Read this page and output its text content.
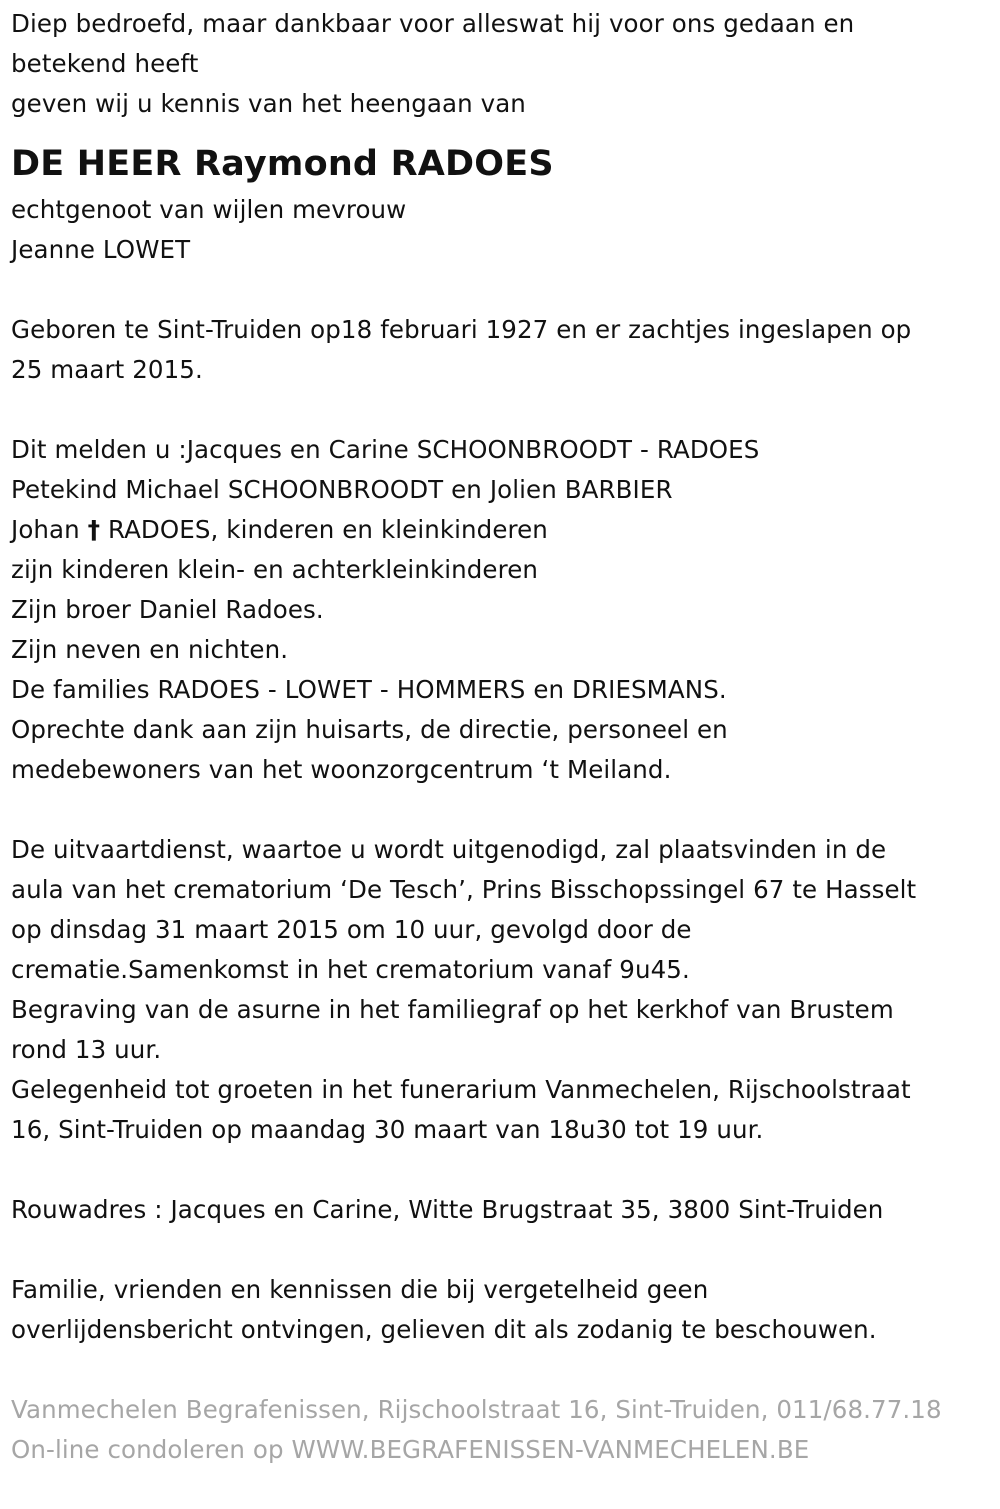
Diep bedroefd, maar dankbaar voor alleswat hij voor ons gedaan en
betekend heeft
geven wij u kennis van het heengaan van
DE HEER Raymond RADOES
echtgenoot van wijlen mevrouw
Jeanne LOWET
Geboren te Sint-Truiden op18 februari 1927 en er zachtjes ingeslapen op
25 maart 2015.
Dit melden u :Jacques en Carine SCHOONBROODT - RADOES
Petekind Michael SCHOONBROODT en Jolien BARBIER
Johan † RADOES, kinderen en kleinkinderen
zijn kinderen klein- en achterkleinkinderen
Zijn broer Daniel Radoes.
Zijn neven en nichten.
De families RADOES - LOWET - HOMMERS en DRIESMANS.
Oprechte dank aan zijn huisarts, de directie, personeel en
medebewoners van het woonzorgcentrum ‘t Meiland.
De uitvaartdienst, waartoe u wordt uitgenodigd, zal plaatsvinden in de
aula van het crematorium ‘De Tesch’, Prins Bisschopssingel 67 te Hasselt
op dinsdag 31 maart 2015 om 10 uur, gevolgd door de
crematie.Samenkomst in het crematorium vanaf 9u45.
Begraving van de asurne in het familiegraf op het kerkhof van Brustem
rond 13 uur.
Gelegenheid tot groeten in het funerarium Vanmechelen, Rijschoolstraat
16, Sint-Truiden op maandag 30 maart van 18u30 tot 19 uur.
Rouwadres : Jacques en Carine, Witte Brugstraat 35, 3800 Sint-Truiden
Familie, vrienden en kennissen die bij vergetelheid geen
overlijdensbericht ontvingen, gelieven dit als zodanig te beschouwen.
Vanmechelen Begrafenissen, Rijschoolstraat 16, Sint-Truiden, 011/68.77.18
On-line condoleren op WWW.BEGRAFENISSEN-VANMECHELEN.BE
